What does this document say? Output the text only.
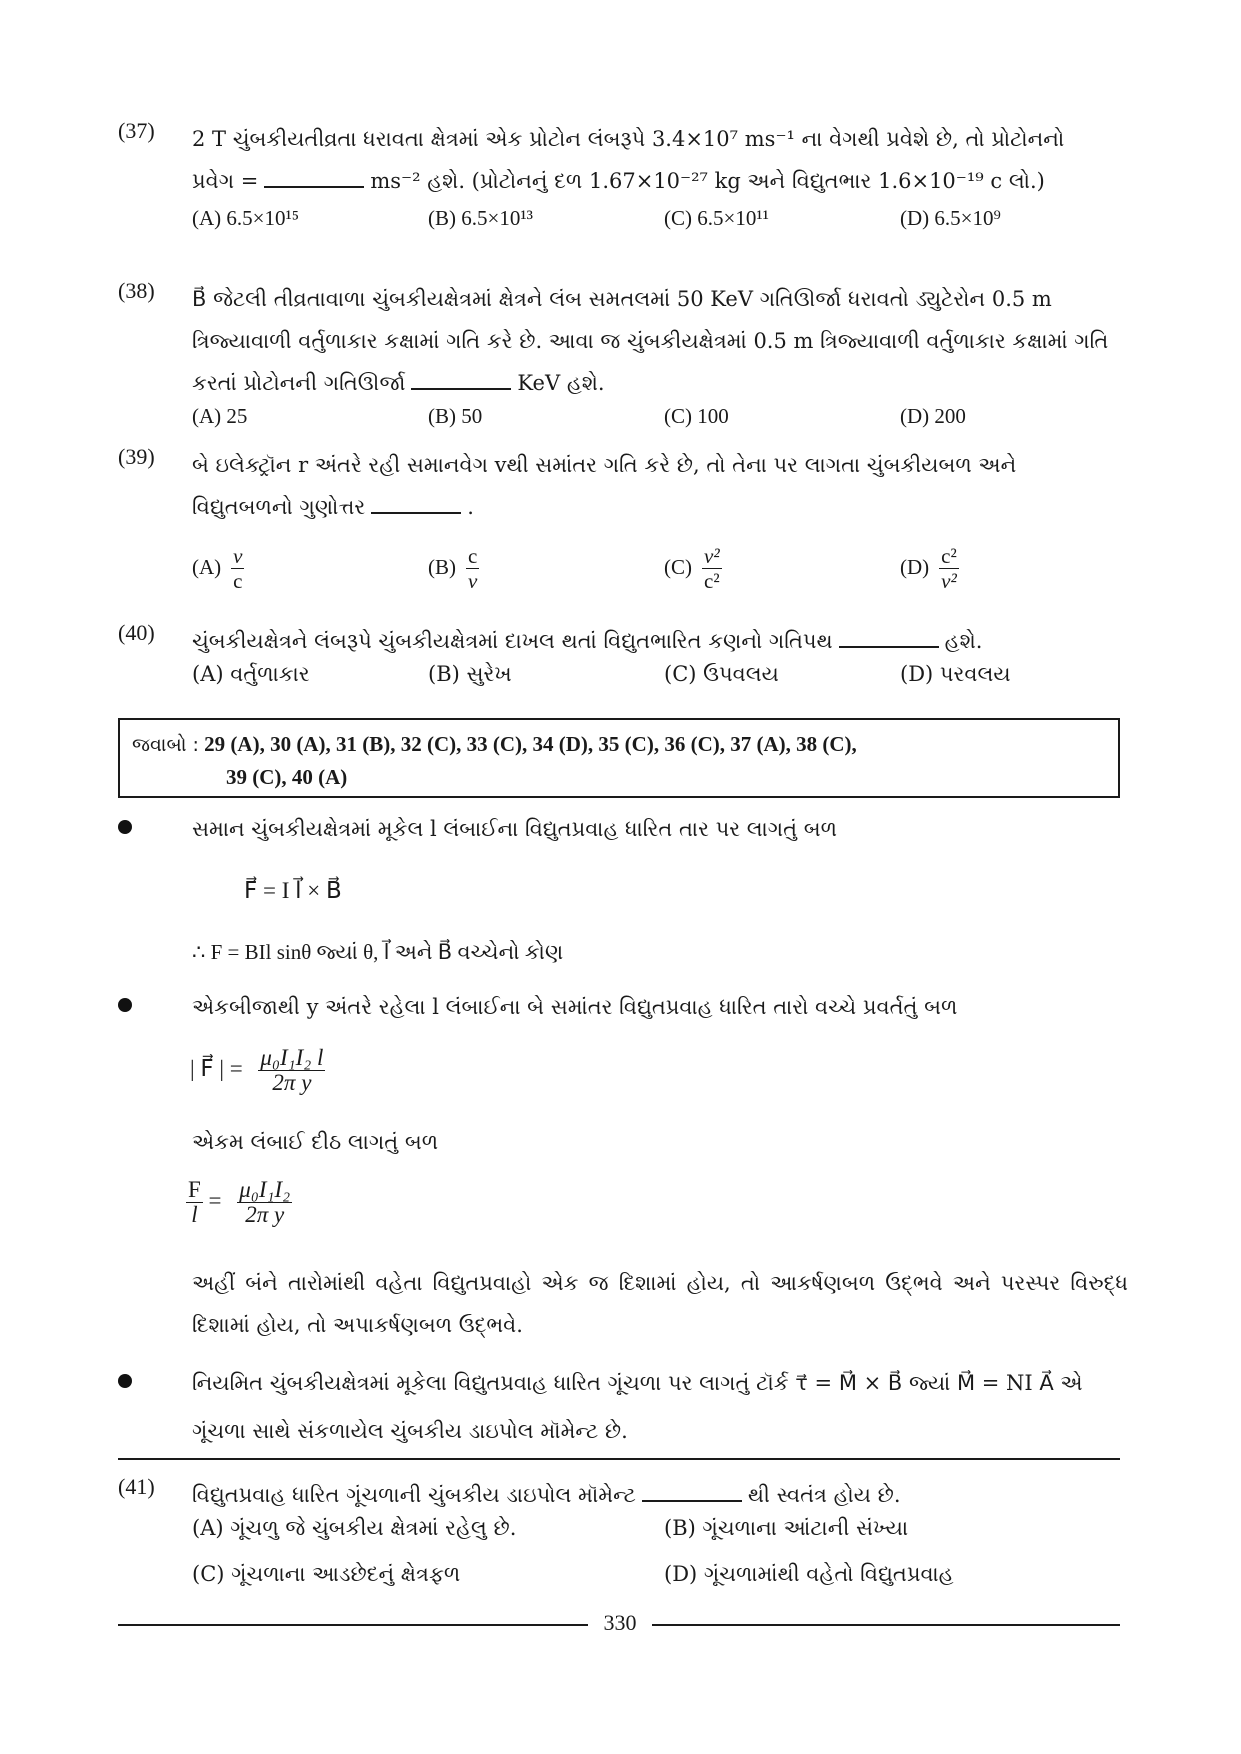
(37) 2 T ચુંબકીયતીવ્રતા ધરાવતા ક્ષેત્રમાં એક પ્રોટોન લંબરૂપે 3.4×10⁷ ms⁻¹ ના વેગથી પ્રવેશે છે, તો પ્રોટોનનો
પ્રવેગ =	ms⁻² હશે. (પ્રોટોનનું દળ 1.67×10⁻²⁷ kg અને વિદ્યુતભાર 1.6×10⁻¹⁹ c લો.)
(A) 6.5×10¹⁵	(B) 6.5×10¹³	(C) 6.5×10¹¹	(D) 6.5×10⁹
(38) B⃗ જેટલી તીવ્રતાવાળા ચુંબકીયક્ષેત્રમાં ક્ષેત્રને લંબ સમતલમાં 50 KeV ગતિઊર્જા ધરાવતો ડ્યુટેરોન 0.5 m
ત્રિજ્યાવાળી વર્તુળાકાર કક્ષામાં ગતિ કરે છે. આવા જ ચુંબકીયક્ષેત્રમાં 0.5 m ત્રિજ્યાવાળી વર્તુળાકાર કક્ષામાં ગતિ
કરતાં પ્રોટોનની ગતિઊર્જા	KeV હશે.
(A) 25	(B) 50	(C) 100	(D) 200
(39) બે ઇલેક્ટ્રૉન r અંતરે રહી સમાનવેગ vથી સમાંતર ગતિ કરે છે, તો તેના પર લાગતા ચુંબકીયબળ અને
વિદ્યુતબળનો ગુણોત્તર	.
$(A) \frac{v}{c}$	$(B) \frac{c}{v}$	$(C) \frac{\text{v²}}{\text{c²}}$	$(D) \frac{\text{c²}}{\text{v²}}$
(40) ચુંબકીયક્ષેત્રને લંબરૂપે ચુંબકીયક્ષેત્રમાં દાખલ થતાં વિદ્યુતભારિત કણનો ગતિપથ	હશે.
(A) વર્તુળાકાર	(B) સુરેખ	(C) ઉપવલય	(D) પરવલય
જવાબો : 29 (A), 30 (A), 31 (B), 32 (C), 33 (C), 34 (D), 35 (C), 36 (C), 37 (A), 38 (C),
39 (C), 40 (A)
સમાન ચુંબકીયક્ષેત્રમાં મૂકેલ l લંબાઈના વિદ્યુતપ્રવાહ ધારિત તાર પર લાગતું બળ
F⃗ = I l⃗ × B⃗
∴ F = BIl sinθ જ્યાં θ, l⃗ અને B⃗ વચ્ચેનો કોણ
એકબીજાથી y અંતરે રહેલા l લંબાઈના બે સમાંતર વિદ્યુતપ્રવાહ ધારિત તારો વચ્ચે પ્રવર્તતું બળ
| F⃗ | = $\frac{\text{μ₀I₁I₂ l}}{\text{2π y}}$
એકમ લંબાઈ દીઠ લાગતું બળ
$\frac{F}{l} = \frac{\text{μ₀I₁I₂}}{\text{2π y}}$
અહીં બંને તારોમાંથી વહેતા વિદ્યુતપ્રવાહો એક જ દિશામાં હોય, તો આકર્ષણબળ ઉદ્ભવે અને પરસ્પર વિરુદ્ધ દિશામાં હોય, તો અપાકર્ષણબળ ઉદ્ભવે.
નિયમિત ચુંબકીયક્ષેત્રમાં મૂકેલા વિદ્યુતપ્રવાહ ધારિત ગૂંચળા પર લાગતું ટૉર્ક τ⃗ = M⃗ × B⃗ જ્યાં M⃗ = NI A⃗ એ
ગૂંચળા સાથે સંકળાયેલ ચુંબકીય ડાઇપોલ મૉમેન્ટ છે.
(41) વિદ્યુતપ્રવાહ ધારિત ગૂંચળાની ચુંબકીય ડાઇપોલ મૉમેન્ટ	થી સ્વતંત્ર હોય છે.
(A) ગૂંચળુ જે ચુંબકીય ક્ષેત્રમાં રહેલુ છે.	(B) ગૂંચળાના આંટાની સંખ્યા
(C) ગૂંચળાના આડછેદનું ક્ષેત્રફળ	(D) ગૂંચળામાંથી વહેતો વિદ્યુતપ્રવાહ
330
